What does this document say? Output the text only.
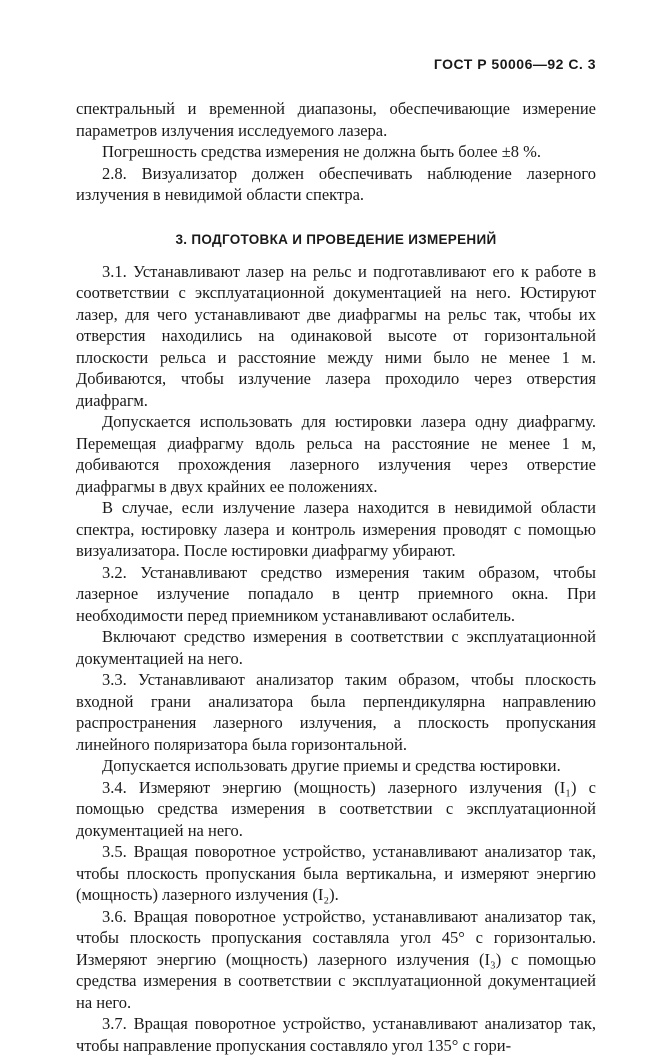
ГОСТ Р 50006—92 С. 3

спектральный и временной диапазоны, обеспечивающие измерение параметров излучения исследуемого лазера.

Погрешность средства измерения не должна быть более ±8 %.

2.8. Визуализатор должен обеспечивать наблюдение лазерного излучения в невидимой области спектра.

3. ПОДГОТОВКА И ПРОВЕДЕНИЕ ИЗМЕРЕНИЙ

3.1. Устанавливают лазер на рельс и подготавливают его к работе в соответствии с эксплуатационной документацией на него. Юстируют лазер, для чего устанавливают две диафрагмы на рельс так, чтобы их отверстия находились на одинаковой высоте от горизонтальной плоскости рельса и расстояние между ними было не менее 1 м. Добиваются, чтобы излучение лазера проходило через отверстия диафрагм.

Допускается использовать для юстировки лазера одну диафрагму. Перемещая диафрагму вдоль рельса на расстояние не менее 1 м, добиваются прохождения лазерного излучения через отверстие диафрагмы в двух крайних ее положениях.

В случае, если излучение лазера находится в невидимой области спектра, юстировку лазера и контроль измерения проводят с помощью визуализатора. После юстировки диафрагму убирают.

3.2. Устанавливают средство измерения таким образом, чтобы лазерное излучение попадало в центр приемного окна. При необходимости перед приемником устанавливают ослабитель.

Включают средство измерения в соответствии с эксплуатационной документацией на него.

3.3. Устанавливают анализатор таким образом, чтобы плоскость входной грани анализатора была перпендикулярна направлению распространения лазерного излучения, а плоскость пропускания линейного поляризатора была горизонтальной.

Допускается использовать другие приемы и средства юстировки.

3.4. Измеряют энергию (мощность) лазерного излучения (I₁) с помощью средства измерения в соответствии с эксплуатационной документацией на него.

3.5. Вращая поворотное устройство, устанавливают анализатор так, чтобы плоскость пропускания была вертикальна, и измеряют энергию (мощность) лазерного излучения (I₂).

3.6. Вращая поворотное устройство, устанавливают анализатор так, чтобы плоскость пропускания составляла угол 45° с горизонталью. Измеряют энергию (мощность) лазерного излучения (I₃) с помощью средства измерения в соответствии с эксплуатационной документацией на него.

3.7. Вращая поворотное устройство, устанавливают анализатор так, чтобы направление пропускания составляло угол 135° с гори-
